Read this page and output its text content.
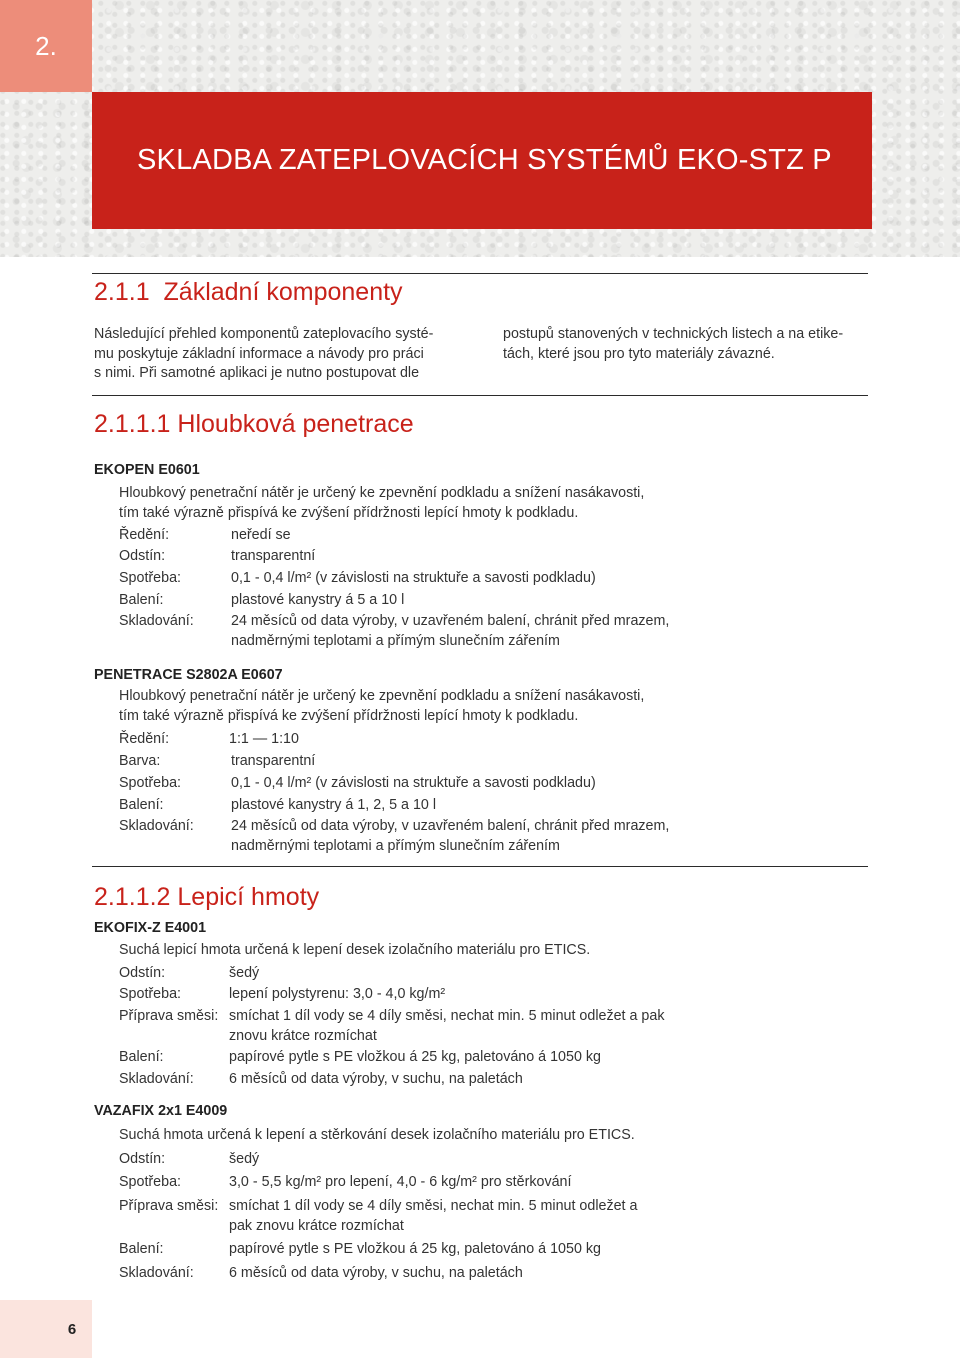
2.
SKLADBA ZATEPLOVACÍCH SYSTÉMŮ EKO-STZ P
2.1.1 Základní komponenty
Následující přehled komponentů zateplovacího systé-
mu poskytuje základní informace a návody pro práci
s nimi. Při samotné aplikaci je nutno postupovat dle
postupů stanovených v technických listech a na etike-
tách, které jsou pro tyto materiály závazné.
2.1.1.1 Hloubková penetrace
EKOPEN E0601
Hloubkový penetrační nátěr je určený ke zpevnění podkladu a snížení nasákavosti,
tím také výrazně přispívá ke zvýšení přídržnosti lepící hmoty k podkladu.
Ředění:	neředí se
Odstín:	transparentní
Spotřeba:	0,1 - 0,4 l/m² (v závislosti na struktuře a savosti podkladu)
Balení:	plastové kanystry á 5 a 10 l
Skladování:	24 měsíců od data výroby, v uzavřeném balení, chránit před mrazem,
nadměrnými teplotami a přímým slunečním zářením
PENETRACE S2802A E0607
Hloubkový penetrační nátěr je určený ke zpevnění podkladu a snížení nasákavosti,
tím také výrazně přispívá ke zvýšení přídržnosti lepící hmoty k podkladu.
Ředění:	1:1 — 1:10
Barva:	transparentní
Spotřeba:	0,1 - 0,4 l/m² (v závislosti na struktuře a savosti podkladu)
Balení:	plastové kanystry á 1, 2, 5 a 10 l
Skladování:	24 měsíců od data výroby, v uzavřeném balení, chránit před mrazem,
nadměrnými teplotami a přímým slunečním zářením
2.1.1.2 Lepicí hmoty
EKOFIX-Z E4001
Suchá lepicí hmota určená k lepení desek izolačního materiálu pro ETICS.
Odstín:	šedý
Spotřeba:	lepení polystyrenu: 3,0 - 4,0 kg/m²
Příprava směsi: smíchat 1 díl vody se 4 díly směsi, nechat min. 5 minut odležet a pak
znovu krátce rozmíchat
Balení:	papírové pytle s PE vložkou á 25 kg, paletováno á 1050 kg
Skladování: 6 měsíců od data výroby, v suchu, na paletách
VAZAFIX 2x1 E4009
Suchá hmota určená k lepení a stěrkování desek izolačního materiálu pro ETICS.
Odstín:	šedý
Spotřeba:	3,0 - 5,5 kg/m² pro lepení, 4,0 - 6 kg/m² pro stěrkování
Příprava směsi: smíchat 1 díl vody se 4 díly směsi, nechat min. 5 minut odležet a
pak znovu krátce rozmíchat
Balení:	papírové pytle s PE vložkou á 25 kg, paletováno á 1050 kg
Skladování: 6 měsíců od data výroby, v suchu, na paletách
6
